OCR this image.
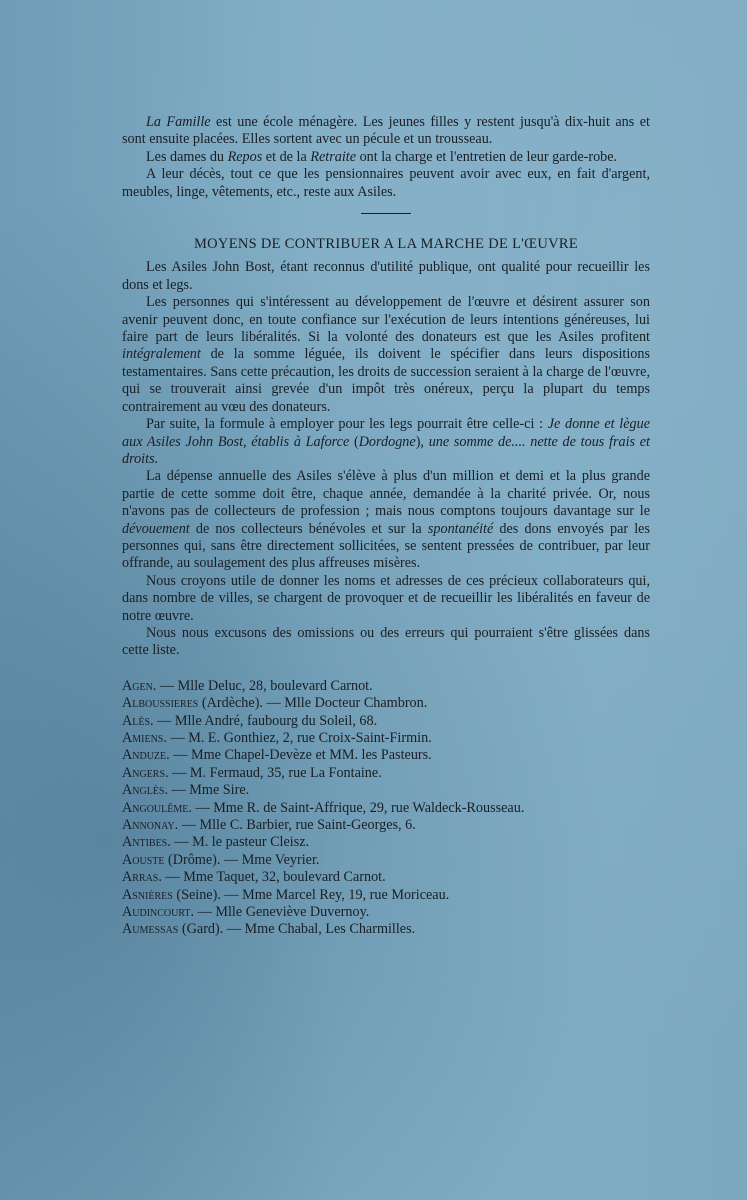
La Famille est une école ménagère. Les jeunes filles y restent jusqu'à dix-huit ans et sont ensuite placées. Elles sortent avec un pécule et un trousseau.

Les dames du Repos et de la Retraite ont la charge et l'entretien de leur garde-robe.

A leur décès, tout ce que les pensionnaires peuvent avoir avec eux, en fait d'argent, meubles, linge, vêtements, etc., reste aux Asiles.

MOYENS DE CONTRIBUER A LA MARCHE DE L'ŒUVRE

Les Asiles John Bost, étant reconnus d'utilité publique, ont qualité pour recueillir les dons et legs.

Les personnes qui s'intéressent au développement de l'œuvre et désirent assurer son avenir peuvent donc, en toute confiance sur l'exécution de leurs intentions généreuses, lui faire part de leurs libéralités. Si la volonté des donateurs est que les Asiles profitent intégralement de la somme léguée, ils doivent le spécifier dans leurs dispositions testamentaires. Sans cette précaution, les droits de succession seraient à la charge de l'œuvre, qui se trouverait ainsi grevée d'un impôt très onéreux, perçu la plupart du temps contrairement au vœu des donateurs.

Par suite, la formule à employer pour les legs pourrait être celle-ci : Je donne et lègue aux Asiles John Bost, établis à Laforce (Dordogne), une somme de.... nette de tous frais et droits.

La dépense annuelle des Asiles s'élève à plus d'un million et demi et la plus grande partie de cette somme doit être, chaque année, demandée à la charité privée. Or, nous n'avons pas de collecteurs de profession ; mais nous comptons toujours davantage sur le dévouement de nos collecteurs bénévoles et sur la spontanéité des dons envoyés par les personnes qui, sans être directement sollicitées, se sentent pressées de contribuer, par leur offrande, au soulagement des plus affreuses misères.

Nous croyons utile de donner les noms et adresses de ces précieux collaborateurs qui, dans nombre de villes, se chargent de provoquer et de recueillir les libéralités en faveur de notre œuvre.

Nous nous excusons des omissions ou des erreurs qui pourraient s'être glissées dans cette liste.

Agen. — Mlle Deluc, 28, boulevard Carnot.
Alboussieres (Ardèche). — Mlle Docteur Chambron.
Alès. — Mlle André, faubourg du Soleil, 68.
Amiens. — M. E. Gonthiez, 2, rue Croix-Saint-Firmin.
Anduze. — Mme Chapel-Devèze et MM. les Pasteurs.
Angers. — M. Fermaud, 35, rue La Fontaine.
Anglès. — Mme Sire.
Angoulême. — Mme R. de Saint-Affrique, 29, rue Waldeck-Rousseau.
Annonay. — Mlle C. Barbier, rue Saint-Georges, 6.
Antibes. — M. le pasteur Cleisz.
Aouste (Drôme). — Mme Veyrier.
Arras. — Mme Taquet, 32, boulevard Carnot.
Asnières (Seine). — Mme Marcel Rey, 19, rue Moriceau.
Audincourt. — Mlle Geneviève Duvernoy.
Aumessas (Gard). — Mme Chabal, Les Charmilles.
